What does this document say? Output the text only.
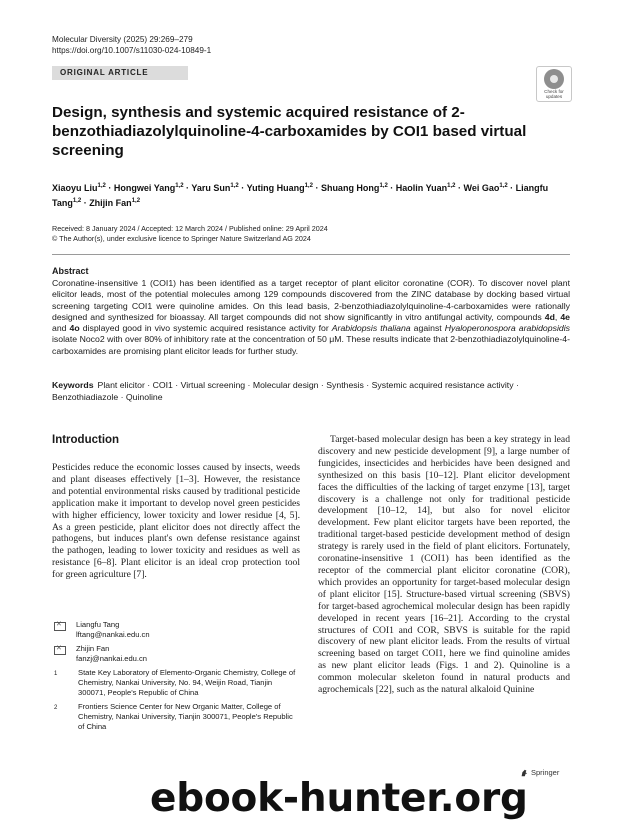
Molecular Diversity (2025) 29:269–279
https://doi.org/10.1007/s11030-024-10849-1
ORIGINAL ARTICLE
Check for
updates
Design, synthesis and systemic acquired resistance of 2-benzothiadiazolylquinoline-4-carboxamides by COI1 based virtual screening
Xiaoyu Liu$^{1,2}$ · Hongwei Yang$^{1,2}$ · Yaru Sun$^{1,2}$ · Yuting Huang$^{1,2}$ · Shuang Hong$^{1,2}$ · Haolin Yuan$^{1,2}$ · Wei Gao$^{1,2}$ · Liangfu Tang$^{1,2}$ · Zhijin Fan$^{1,2}$
Received: 8 January 2024 / Accepted: 12 March 2024 / Published online: 29 April 2024
© The Author(s), under exclusive licence to Springer Nature Switzerland AG 2024
Abstract
Coronatine-insensitive 1 (COI1) has been identified as a target receptor of plant elicitor coronatine (COR). To discover novel plant elicitor leads, most of the potential molecules among 129 compounds discovered from the ZINC database by docking based virtual screening targeting COI1 were quinoline amides. On this lead basis, 2-benzothiadiazolylquinoline-4-carboxamides were rationally designed and synthesized for bioassay. All target compounds did not show significantly in vitro antifungal activity, compounds 4d, 4e and 4o displayed good in vivo systemic acquired resistance activity for Arabidopsis thaliana against Hyaloperonospora arabidopsidis isolate Noco2 with over 80% of inhibitory rate at the concentration of 50 μM. These results indicate that 2-benzothiadiazolylquinoline-4-carboxamides are promising plant elicitor leads for further study.
Keywords Plant elicitor · COI1 · Virtual screening · Molecular design · Synthesis · Systemic acquired resistance activity · Benzothiadiazole · Quinoline
Introduction
Pesticides reduce the economic losses caused by insects, weeds and plant diseases effectively [1–3]. However, the resistance and potential environmental risks caused by traditional pesticide application make it important to develop novel green pesticides with higher efficiency, lower toxicity and lower residue [4, 5]. As a green pesticide, plant elicitor does not directly affect the pathogens, but induces plant's own defense resistance against the pathogen, leading to lower toxicity and residues as well as resistance [6–8]. Plant elicitor is an ideal crop protection tool for green agriculture [7].
Target-based molecular design has been a key strategy in lead discovery and new pesticide development [9], a large number of fungicides, insecticides and herbicides have been designed and synthesized on this basis [10–12]. Plant elicitor development faces the difficulties of the lacking of target enzyme [13], target discovery is a challenge not only for traditional pesticide development [10–12, 14], but also for novel elicitor development. Few plant elicitor targets have been reported, the traditional target-based pesticide development method of design strategy is rarely used in the field of plant elicitors. Fortunately, coronatine-insensitive 1 (COI1) has been identified as the receptor of the commercial plant elicitor coronatine (COR), which provides an opportunity for target-based molecular design of plant elicitor [15]. Structure-based virtual screening (SBVS) for target-based agrochemical molecular design has been rapidly developed in recent years [16–21]. According to the crystal structures of COI1 and COR, SBVS is suitable for the rapid discovery of new plant elicitor leads. From the results of virtual screening based on target COI1, here we find quinoline amides as new plant elicitor leads (Figs. 1 and 2). Quinoline is a common molecular skeleton found in natural products and agrochemicals [22], such as the natural alkaloid Quinine
✕
Liangfu Tang
lftang@nankai.edu.cn
✕
Zhijin Fan
fanzj@nankai.edu.cn
1	State Key Laboratory of Elemento-Organic Chemistry, College of Chemistry, Nankai University, No. 94, Weijin Road, Tianjin 300071, People's Republic of China
2	Frontiers Science Center for New Organic Matter, College of Chemistry, Nankai University, Tianjin 300071, People's Republic of China
Springer
ebook-hunter.org
